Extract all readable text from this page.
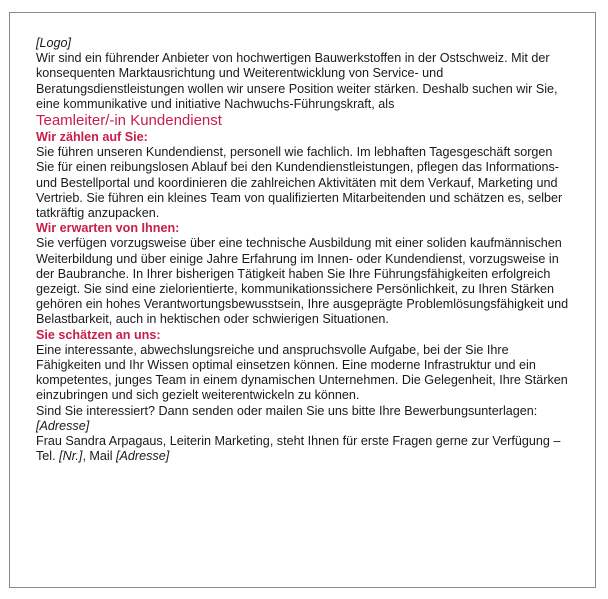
[Logo]

Wir sind ein führender Anbieter von hochwertigen Bauwerkstoffen in der Ostschweiz. Mit der konsequenten Marktausrichtung und Weiterentwicklung von Service- und Beratungsdienstleistungen wollen wir unsere Position weiter stärken. Deshalb suchen wir Sie, eine kommunikative und initiative Nachwuchs-Führungskraft, als

Teamleiter/-in Kundendienst

Wir zählen auf Sie:

Sie führen unseren Kundendienst, personell wie fachlich. Im lebhaften Tagesgeschäft sorgen Sie für einen reibungslosen Ablauf bei den Kundendienstleistungen, pflegen das Informations- und Bestellportal und koordinieren die zahlreichen Aktivitäten mit dem Verkauf, Marketing und Vertrieb. Sie führen ein kleines Team von qualifizierten Mitarbeitenden und schätzen es, selber tatkräftig anzupacken.

Wir erwarten von Ihnen:

Sie verfügen vorzugsweise über eine technische Ausbildung mit einer soliden kaufmännischen Weiterbildung und über einige Jahre Erfahrung im Innen- oder Kundendienst, vorzugsweise in der Baubranche. In Ihrer bisherigen Tätigkeit haben Sie Ihre Führungsfähigkeiten erfolgreich gezeigt. Sie sind eine zielorientierte, kommunikationssichere Persönlichkeit, zu Ihren Stärken gehören ein hohes Verantwortungsbewusstsein, Ihre ausgeprägte Problemlösungsfähigkeit und Belastbarkeit, auch in hektischen oder schwierigen Situationen.

Sie schätzen an uns:

Eine interessante, abwechslungsreiche und anspruchsvolle Aufgabe, bei der Sie Ihre Fähigkeiten und Ihr Wissen optimal einsetzen können. Eine moderne Infrastruktur und ein kompetentes, junges Team in einem dynamischen Unternehmen. Die Gelegenheit, Ihre Stärken einzubringen und sich gezielt weiterentwickeln zu können.

Sind Sie interessiert? Dann senden oder mailen Sie uns bitte Ihre Bewerbungsunterlagen:

[Adresse]

Frau Sandra Arpagaus, Leiterin Marketing, steht Ihnen für erste Fragen gerne zur Verfügung – Tel. [Nr.], Mail [Adresse]
